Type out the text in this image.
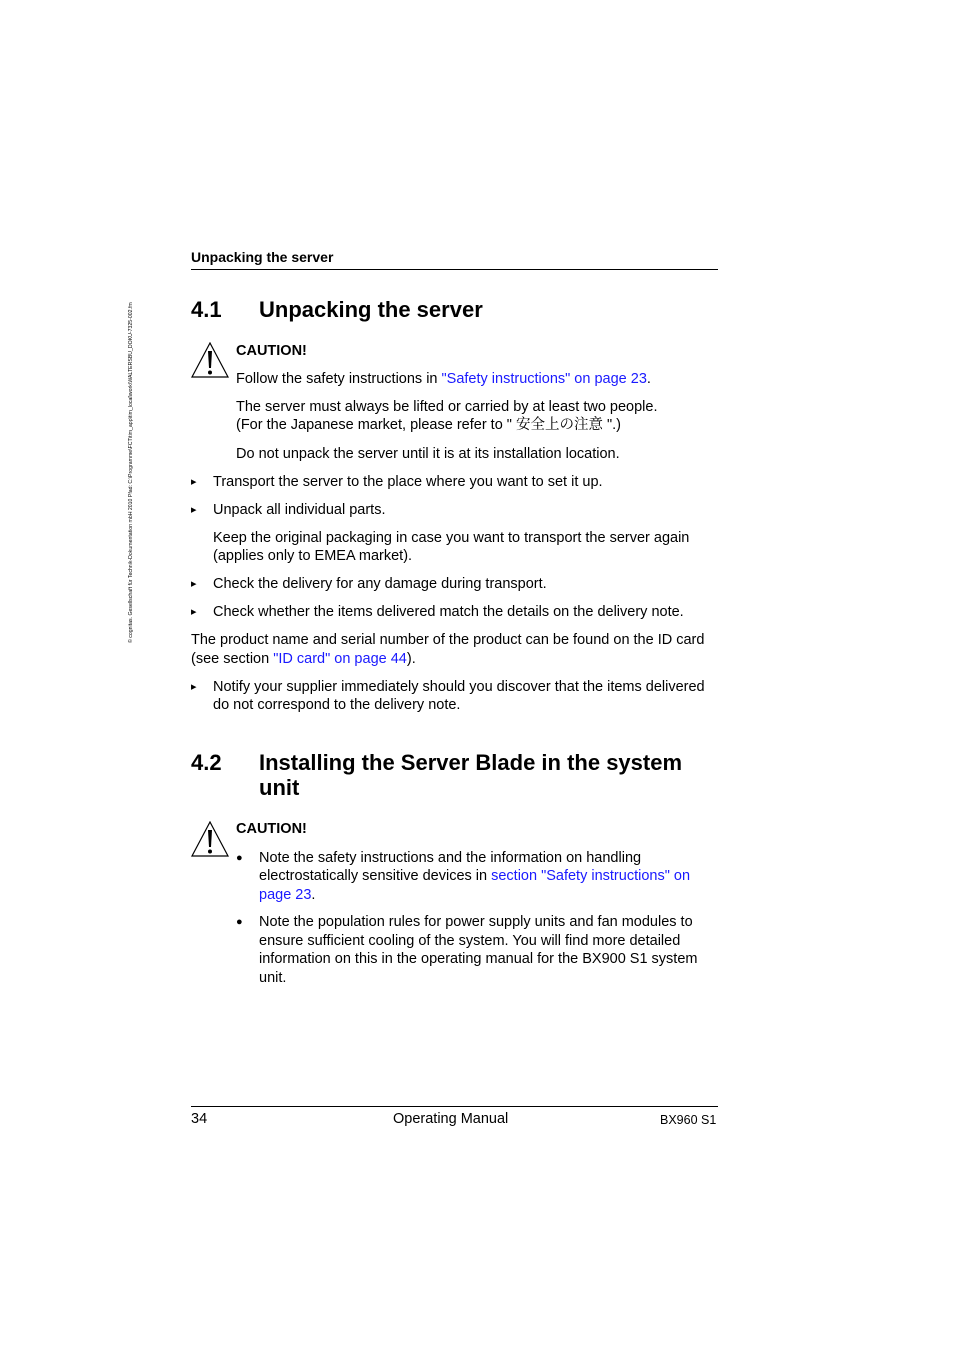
© cognitas. Gesellschaft für Technik-Dokumentation mbH 2010 Pfad: C:\Programme\FCT\tim_app\tim_local\work\WALTERSBU_DOKU-7325-002.fm
Unpacking the server
4.1 Unpacking the server
CAUTION!
Follow the safety instructions in "Safety instructions" on page 23.
The server must always be lifted or carried by at least two people.
(For the Japanese market, please refer to " 安全上の注意 ".)
Do not unpack the server until it is at its installation location.
▸ Transport the server to the place where you want to set it up.
▸ Unpack all individual parts.
Keep the original packaging in case you want to transport the server again
(applies only to EMEA market).
▸ Check the delivery for any damage during transport.
▸ Check whether the items delivered match the details on the delivery note.
The product name and serial number of the product can be found on the ID card
(see section "ID card" on page 44).
▸ Notify your supplier immediately should you discover that the items delivered
do not correspond to the delivery note.
4.2 Installing the Server Blade in the system
unit
CAUTION!
● Note the safety instructions and the information on handling
electrostatically sensitive devices in section "Safety instructions" on
page 23.
● Note the population rules for power supply units and fan modules to
ensure sufficient cooling of the system. You will find more detailed
information on this in the operating manual for the BX900 S1 system
unit.
34	Operating Manual	BX960 S1
